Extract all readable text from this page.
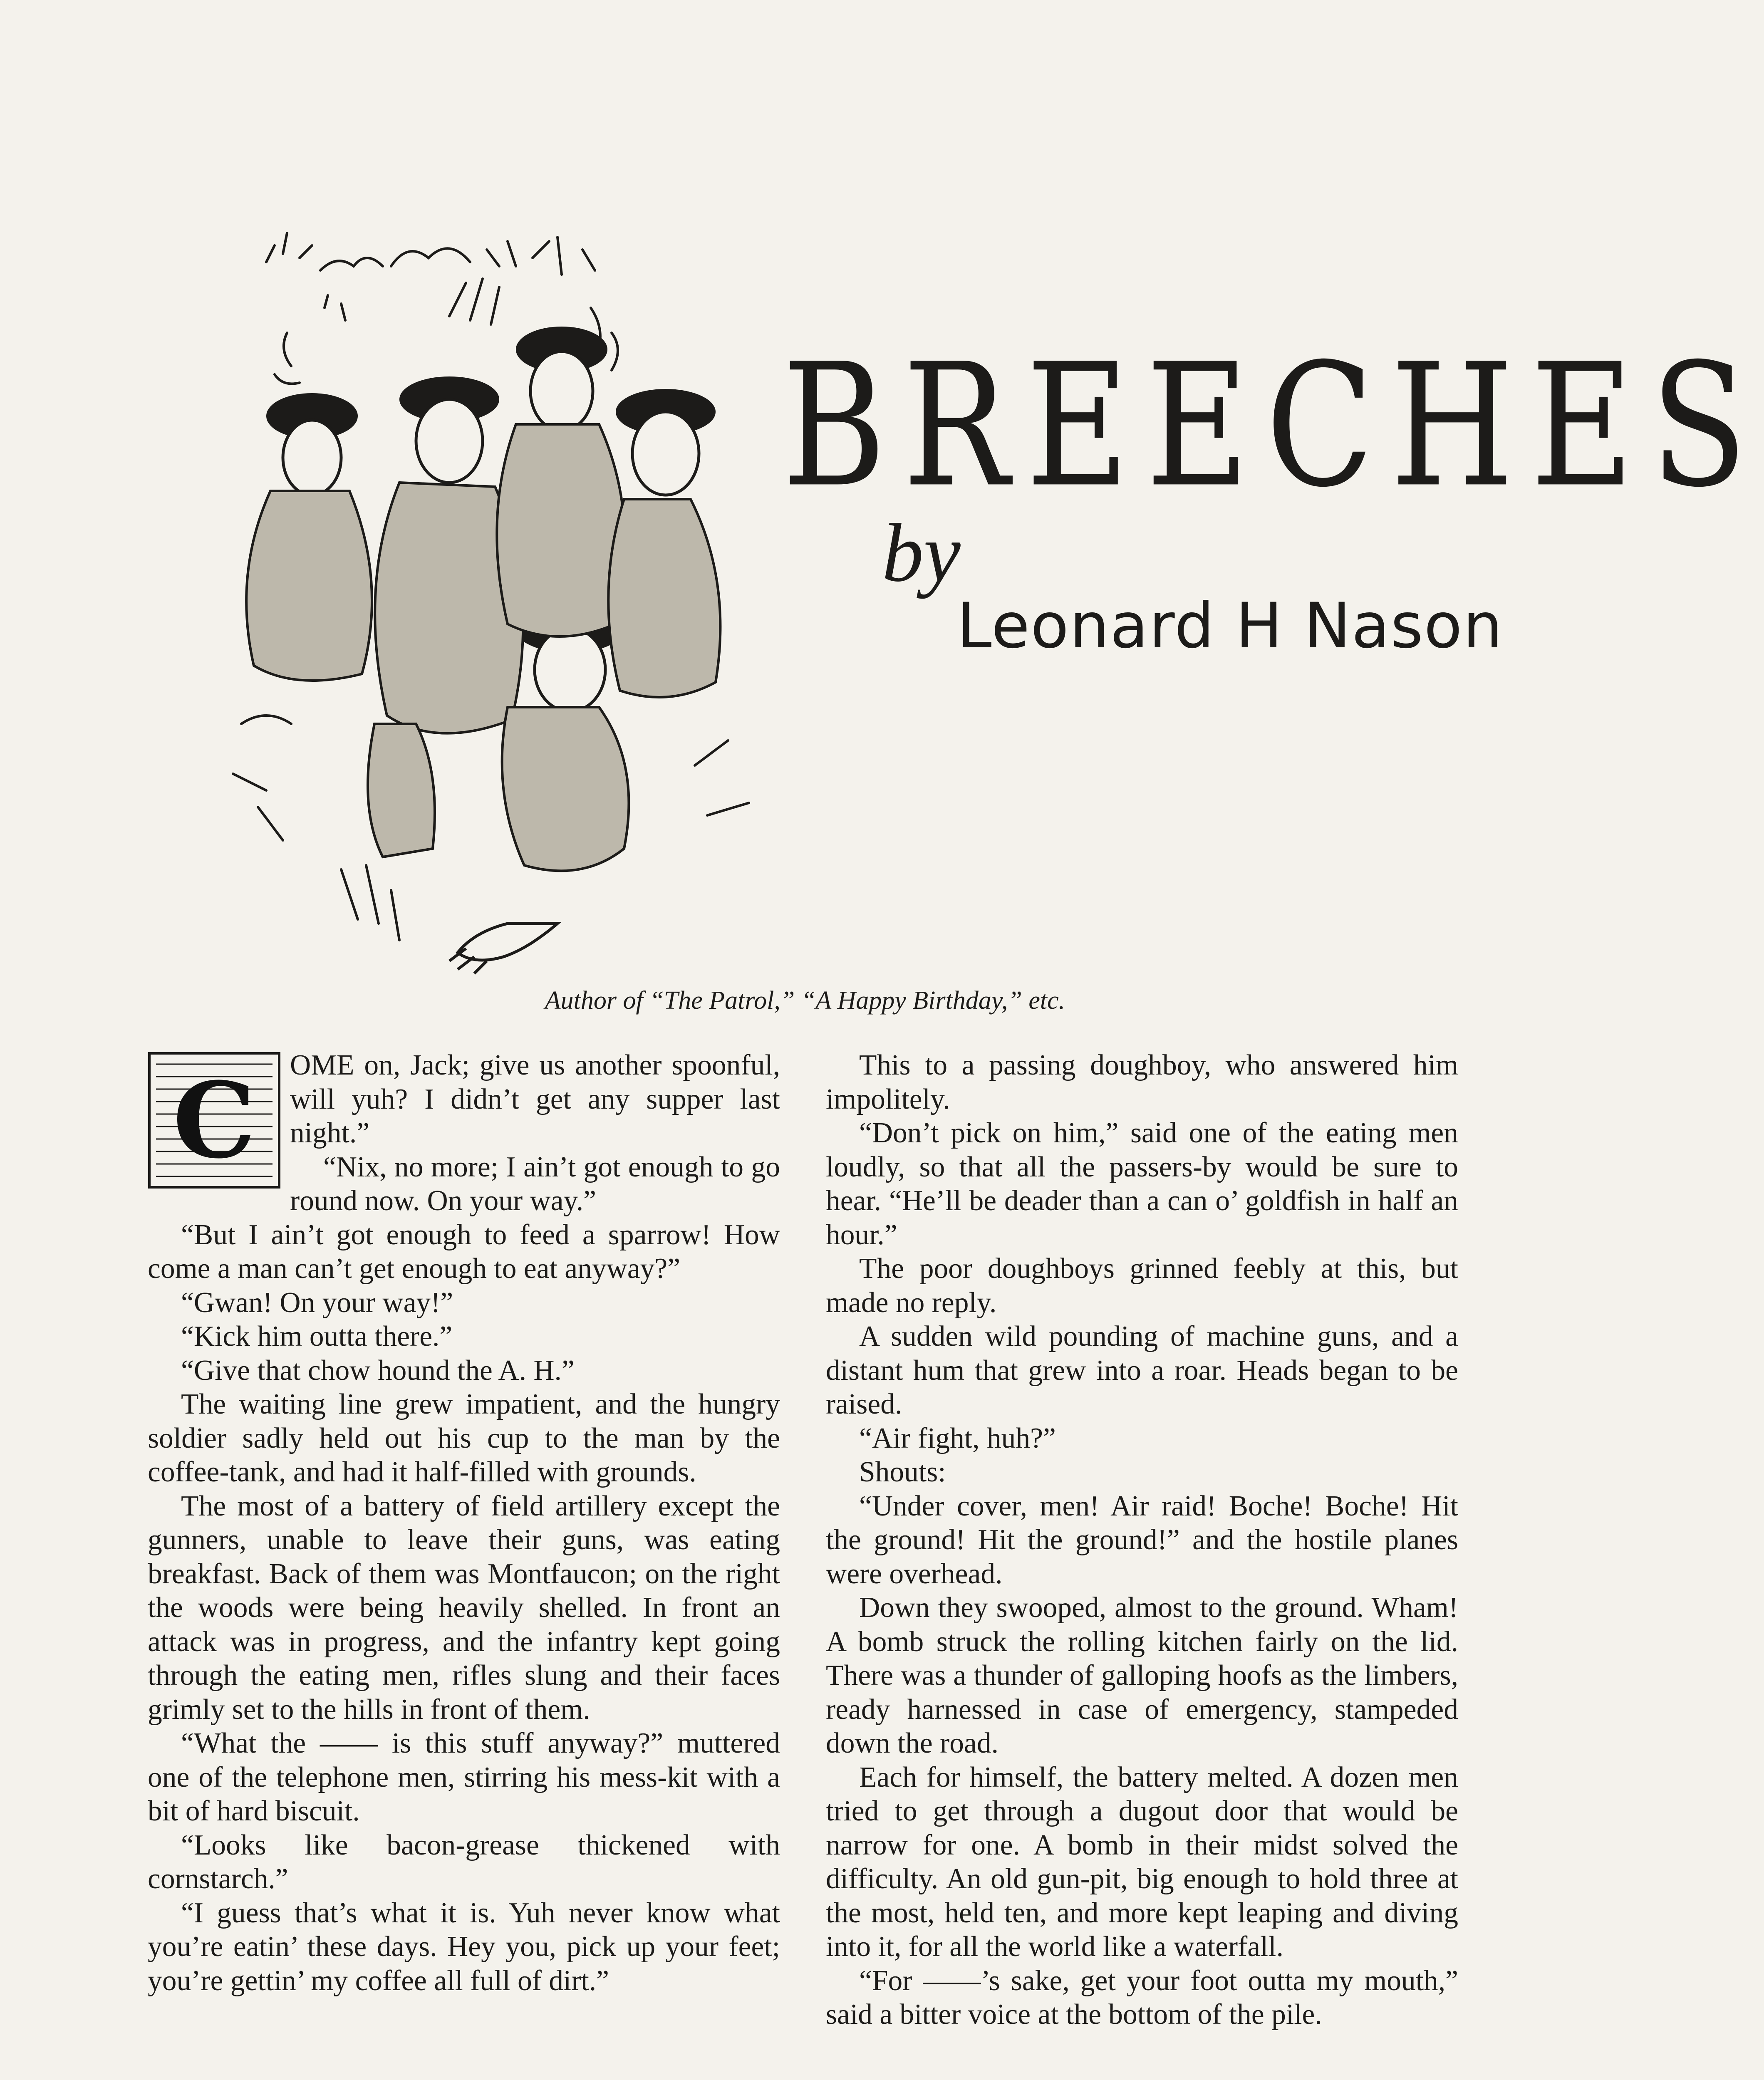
BREECHES
by
Leonard H Nason
Author of “The Patrol,” “A Happy Birthday,” etc.
C	OME on, Jack; give us another spoonful, will yuh? I didn’t get any supper last night.”

“Nix, no more; I ain’t got enough to go round now. On your way.”

“But I ain’t got enough to feed a sparrow! How come a man can’t get enough to eat anyway?”

“Gwan! On your way!”

“Kick him outta there.”

“Give that chow hound the A. H.”

The waiting line grew impatient, and the hungry soldier sadly held out his cup to the man by the coffee-tank, and had it half-filled with grounds.

The most of a battery of field artillery except the gunners, unable to leave their guns, was eating breakfast. Back of them was Montfaucon; on the right the woods were being heavily shelled. In front an attack was in progress, and the infantry kept going through the eating men, rifles slung and their faces grimly set to the hills in front of them.

“What the —— is this stuff anyway?” muttered one of the telephone men, stirring his mess-kit with a bit of hard biscuit.

“Looks like bacon-grease thickened with cornstarch.”

“I guess that’s what it is. Yuh never know what you’re eatin’ these days. Hey you, pick up your feet; you’re gettin’ my coffee all full of dirt.”

This to a passing doughboy, who answered him impolitely.

“Don’t pick on him,” said one of the eating men loudly, so that all the passers-by would be sure to hear. “He’ll be deader than a can o’ goldfish in half an hour.”

The poor doughboys grinned feebly at this, but made no reply.

A sudden wild pounding of machine guns, and a distant hum that grew into a roar. Heads began to be raised.

“Air fight, huh?”

Shouts:

“Under cover, men! Air raid! Boche! Boche! Hit the ground! Hit the ground!” and the hostile planes were overhead.

Down they swooped, almost to the ground. Wham! A bomb struck the rolling kitchen fairly on the lid. There was a thunder of galloping hoofs as the limbers, ready harnessed in case of emergency, stampeded down the road.

Each for himself, the battery melted. A dozen men tried to get through a dugout door that would be narrow for one. A bomb in their midst solved the difficulty. An old gun-pit, big enough to hold three at the most, held ten, and more kept leaping and diving into it, for all the world like a waterfall.

“For ——’s sake, get your foot outta my mouth,” said a bitter voice at the bottom of the pile.
